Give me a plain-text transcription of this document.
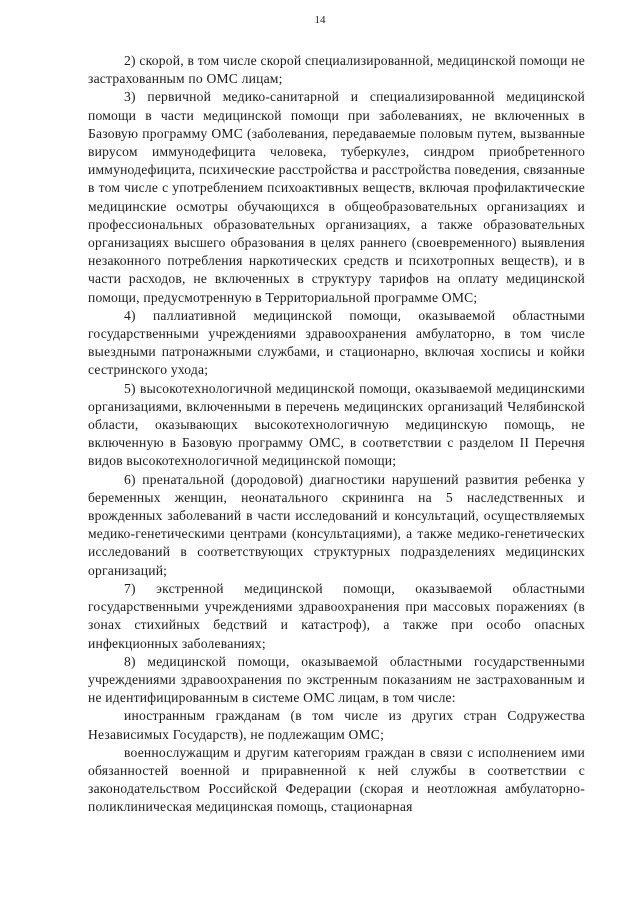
14

2) скорой, в том числе скорой специализированной, медицинской помощи не застрахованным по ОМС лицам;

3) первичной медико-санитарной и специализированной медицинской помощи в части медицинской помощи при заболеваниях, не включенных в Базовую программу ОМС (заболевания, передаваемые половым путем, вызванные вирусом иммунодефицита человека, туберкулез, синдром приобретенного иммунодефицита, психические расстройства и расстройства поведения, связанные в том числе с употреблением психоактивных веществ, включая профилактические медицинские осмотры обучающихся в общеобразовательных организациях и профессиональных образовательных организациях, а также образовательных организациях высшего образования в целях раннего (своевременного) выявления незаконного потребления наркотических средств и психотропных веществ), и в части расходов, не включенных в структуру тарифов на оплату медицинской помощи, предусмотренную в Территориальной программе ОМС;

4) паллиативной медицинской помощи, оказываемой областными государственными учреждениями здравоохранения амбулаторно, в том числе выездными патронажными службами, и стационарно, включая хосписы и койки сестринского ухода;

5) высокотехнологичной медицинской помощи, оказываемой медицинскими организациями, включенными в перечень медицинских организаций Челябинской области, оказывающих высокотехнологичную медицинскую помощь, не включенную в Базовую программу ОМС, в соответствии с разделом II Перечня видов высокотехнологичной медицинской помощи;

6) пренатальной (дородовой) диагностики нарушений развития ребенка у беременных женщин, неонатального скрининга на 5 наследственных и врожденных заболеваний в части исследований и консультаций, осуществляемых медико-генетическими центрами (консультациями), а также медико-генетических исследований в соответствующих структурных подразделениях медицинских организаций;

7) экстренной медицинской помощи, оказываемой областными государственными учреждениями здравоохранения при массовых поражениях (в зонах стихийных бедствий и катастроф), а также при особо опасных инфекционных заболеваниях;

8) медицинской помощи, оказываемой областными государственными учреждениями здравоохранения по экстренным показаниям не застрахованным и не идентифицированным в системе ОМС лицам, в том числе:

иностранным гражданам (в том числе из других стран Содружества Независимых Государств), не подлежащим ОМС;

военнослужащим и другим категориям граждан в связи с исполнением ими обязанностей военной и приравненной к ней службы в соответствии с законодательством Российской Федерации (скорая и неотложная амбулаторно-поликлиническая медицинская помощь, стационарная
